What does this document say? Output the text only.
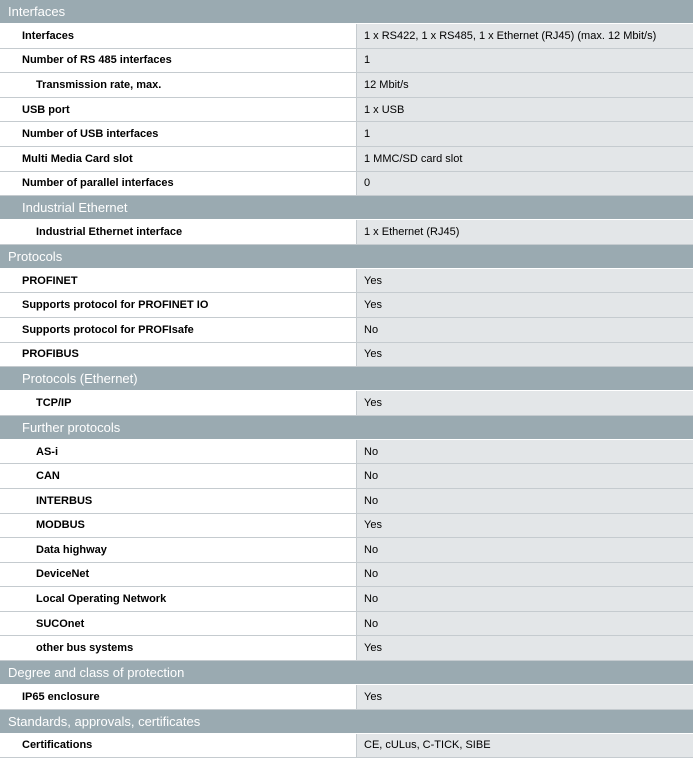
Interfaces
Interfaces	1 x RS422, 1 x RS485, 1 x Ethernet (RJ45) (max. 12 Mbit/s)
Number of RS 485 interfaces	1
Transmission rate, max.	12 Mbit/s
USB port	1 x USB
Number of USB interfaces	1
Multi Media Card slot	1 MMC/SD card slot
Number of parallel interfaces	0
Industrial Ethernet
Industrial Ethernet interface	1 x Ethernet (RJ45)
Protocols
PROFINET	Yes
Supports protocol for PROFINET IO	Yes
Supports protocol for PROFIsafe	No
PROFIBUS	Yes
Protocols (Ethernet)
TCP/IP	Yes
Further protocols
AS-i	No
CAN	No
INTERBUS	No
MODBUS	Yes
Data highway	No
DeviceNet	No
Local Operating Network	No
SUCOnet	No
other bus systems	Yes
Degree and class of protection
IP65 enclosure	Yes
Standards, approvals, certificates
Certifications	CE, cULus, C-TICK, SIBE
